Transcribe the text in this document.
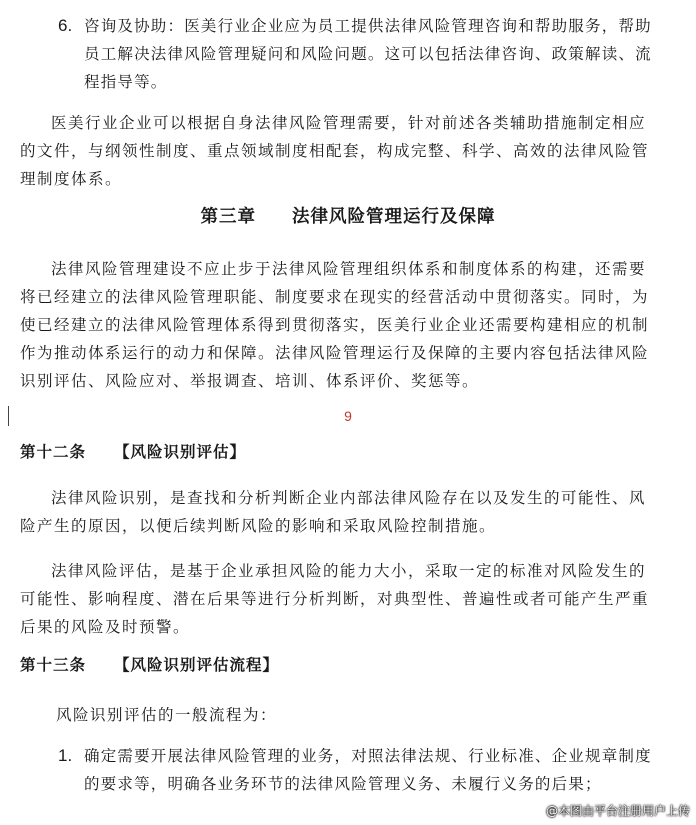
6. 咨询及协助：医美行业企业应为员工提供法律风险管理咨询和帮助服务，帮助员工解决法律风险管理疑问和风险问题。这可以包括法律咨询、政策解读、流程指导等。
医美行业企业可以根据自身法律风险管理需要，针对前述各类辅助措施制定相应的文件，与纲领性制度、重点领域制度相配套，构成完整、科学、高效的法律风险管理制度体系。
第三章 法律风险管理运行及保障
法律风险管理建设不应止步于法律风险管理组织体系和制度体系的构建，还需要将已经建立的法律风险管理职能、制度要求在现实的经营活动中贯彻落实。同时，为使已经建立的法律风险管理体系得到贯彻落实，医美行业企业还需要构建相应的机制作为推动体系运行的动力和保障。法律风险管理运行及保障的主要内容包括法律风险识别评估、风险应对、举报调查、培训、体系评价、奖惩等。
9
第十二条 【风险识别评估】
法律风险识别，是查找和分析判断企业内部法律风险存在以及发生的可能性、风险产生的原因，以便后续判断风险的影响和采取风险控制措施。
法律风险评估，是基于企业承担风险的能力大小，采取一定的标准对风险发生的可能性、影响程度、潜在后果等进行分析判断，对典型性、普遍性或者可能产生严重后果的风险及时预警。
第十三条 【风险识别评估流程】
风险识别评估的一般流程为：
1. 确定需要开展法律风险管理的业务，对照法律法规、行业标准、企业规章制度的要求等，明确各业务环节的法律风险管理义务、未履行义务的后果；
@本图由平台注册用户上传
